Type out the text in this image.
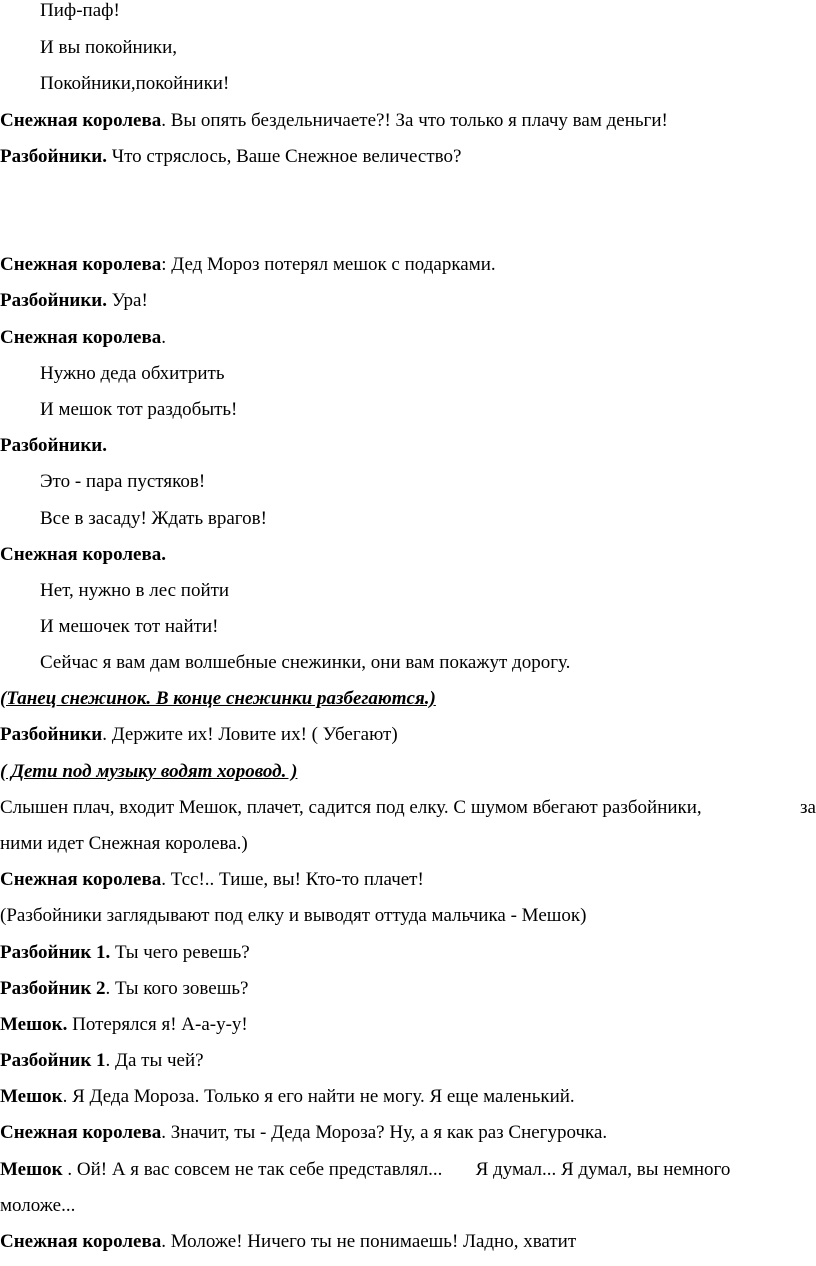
Пиф-паф!
И вы покойники,
Покойники,покойники!
Снежная королева. Вы опять бездельничаете?! За что только я плачу вам деньги!
Разбойники. Что стряслось, Ваше Снежное величество?
Снежная королева: Дед Мороз потерял мешок с подарками.
Разбойники. Ура!
Снежная королева.
Нужно деда обхитрить
И мешок тот раздобыть!
Разбойники.
Это - пара пустяков!
Все в засаду! Ждать врагов!
Снежная королева.
Нет, нужно в лес пойти
И мешочек тот найти!
Сейчас я вам дам волшебные снежинки, они вам покажут дорогу.
(Танец снежинок. В конце снежинки разбегаются.)
Разбойники. Держите их! Ловите их! ( Убегают)
( Дети под музыку водят хоровод. )
Слышен плач, входит Мешок, плачет, садится под елку. С шумом вбегают разбойники,	за
ними идет Снежная королева.)
Снежная королева. Тсс!.. Тише, вы! Кто-то плачет!
(Разбойники заглядывают под елку и выводят оттуда мальчика - Мешок)
Разбойник 1. Ты чего ревешь?
Разбойник 2. Ты кого зовешь?
Мешок. Потерялся я! А-а-у-у!
Разбойник 1. Да ты чей?
Мешок. Я Деда Мороза. Только я его найти не могу. Я еще маленький.
Снежная королева. Значит, ты - Деда Мороза? Ну, а я как раз Снегурочка.
Мешок . Ой! А я вас совсем не так себе представлял...       Я думал... Я думал, вы немного
моложе...
Снежная королева. Моложе! Ничего ты не понимаешь! Ладно, хватит
